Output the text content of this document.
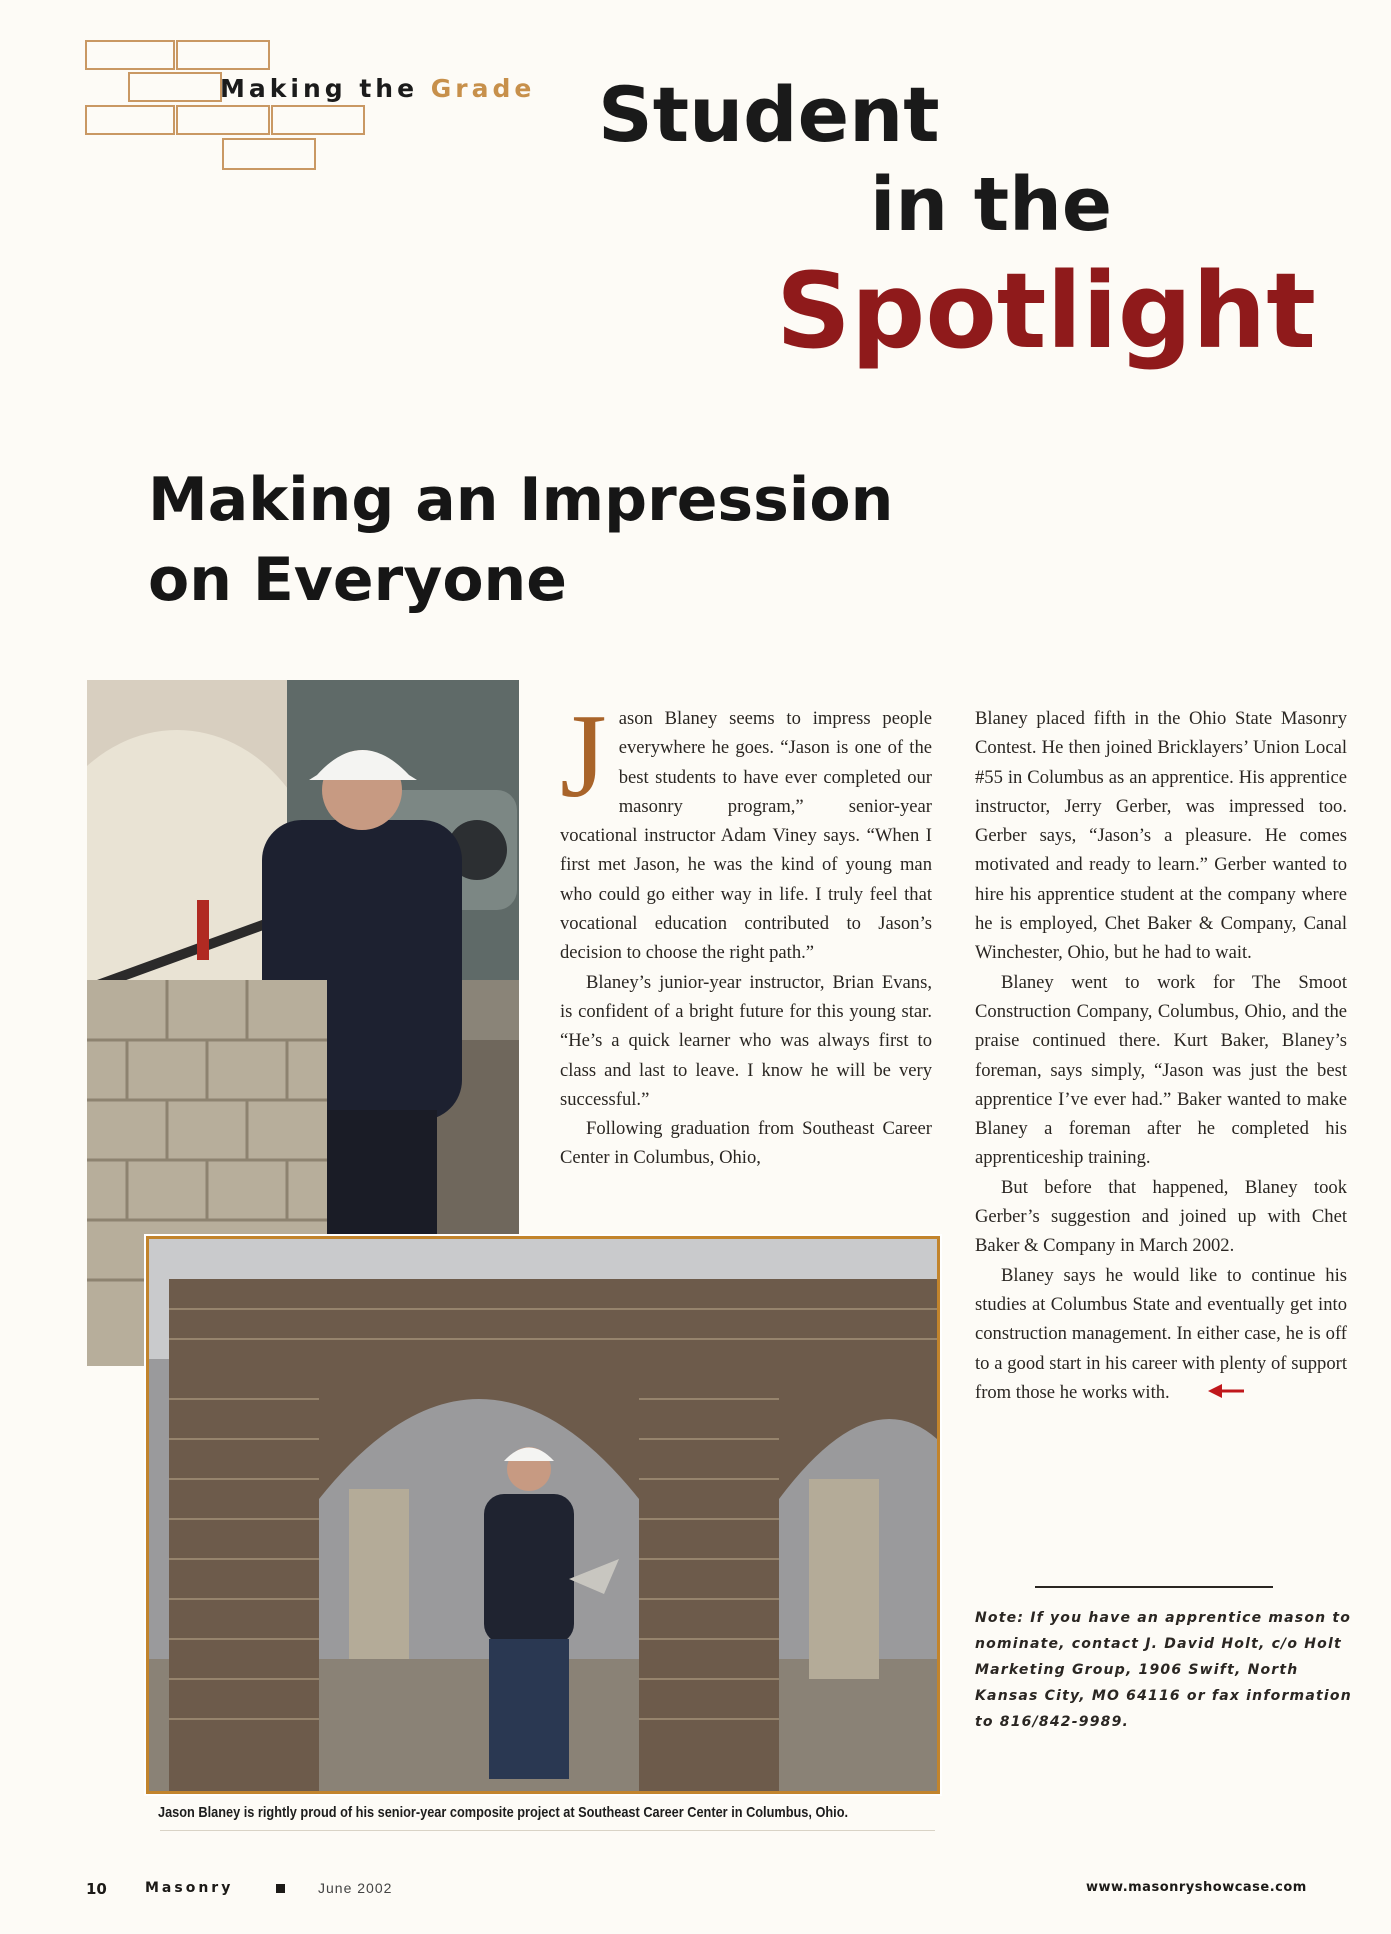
Making the Grade Student
in the
Spotlight
Making an Impression
on Everyone
Jason Blaney is rightly proud of his senior-year composite project at Southeast Career Center in Columbus, Ohio.

Jason Blaney seems to impress people everywhere he goes. “Jason is one of the best students to have ever completed our masonry program,” senior-year vocational instructor Adam Viney says. “When I first met Jason, he was the kind of young man who could go either way in life. I truly feel that vocational education contributed to Jason’s decision to choose the right path.”

Blaney’s junior-year instructor, Brian Evans, is confident of a bright future for this young star. “He’s a quick learner who was always first to class and last to leave. I know he will be very successful.”

Following graduation from Southeast Career Center in Columbus, Ohio,

Blaney placed fifth in the Ohio State Masonry Contest. He then joined Bricklayers’ Union Local #55 in Columbus as an apprentice. His apprentice instructor, Jerry Gerber, was impressed too. Gerber says, “Jason’s a pleasure. He comes motivated and ready to learn.” Gerber wanted to hire his apprentice student at the company where he is employed, Chet Baker & Company, Canal Winchester, Ohio, but he had to wait.

Blaney went to work for The Smoot Construction Company, Columbus, Ohio, and the praise continued there. Kurt Baker, Blaney’s foreman, says simply, “Jason was just the best apprentice I’ve ever had.” Baker wanted to make Blaney a foreman after he completed his apprenticeship training.

But before that happened, Blaney took Gerber’s suggestion and joined up with Chet Baker & Company in March 2002.

Blaney says he would like to continue his studies at Columbus State and eventually get into construction management. In either case, he is off to a good start in his career with plenty of support from those he works with.

Note: If you have an apprentice mason to nominate, contact J. David Holt, c/o Holt Marketing Group, 1906 Swift, North Kansas City, MO 64116 or fax information to 816/842-9989.
10	Masonry	June 2002	www.masonryshowcase.com
